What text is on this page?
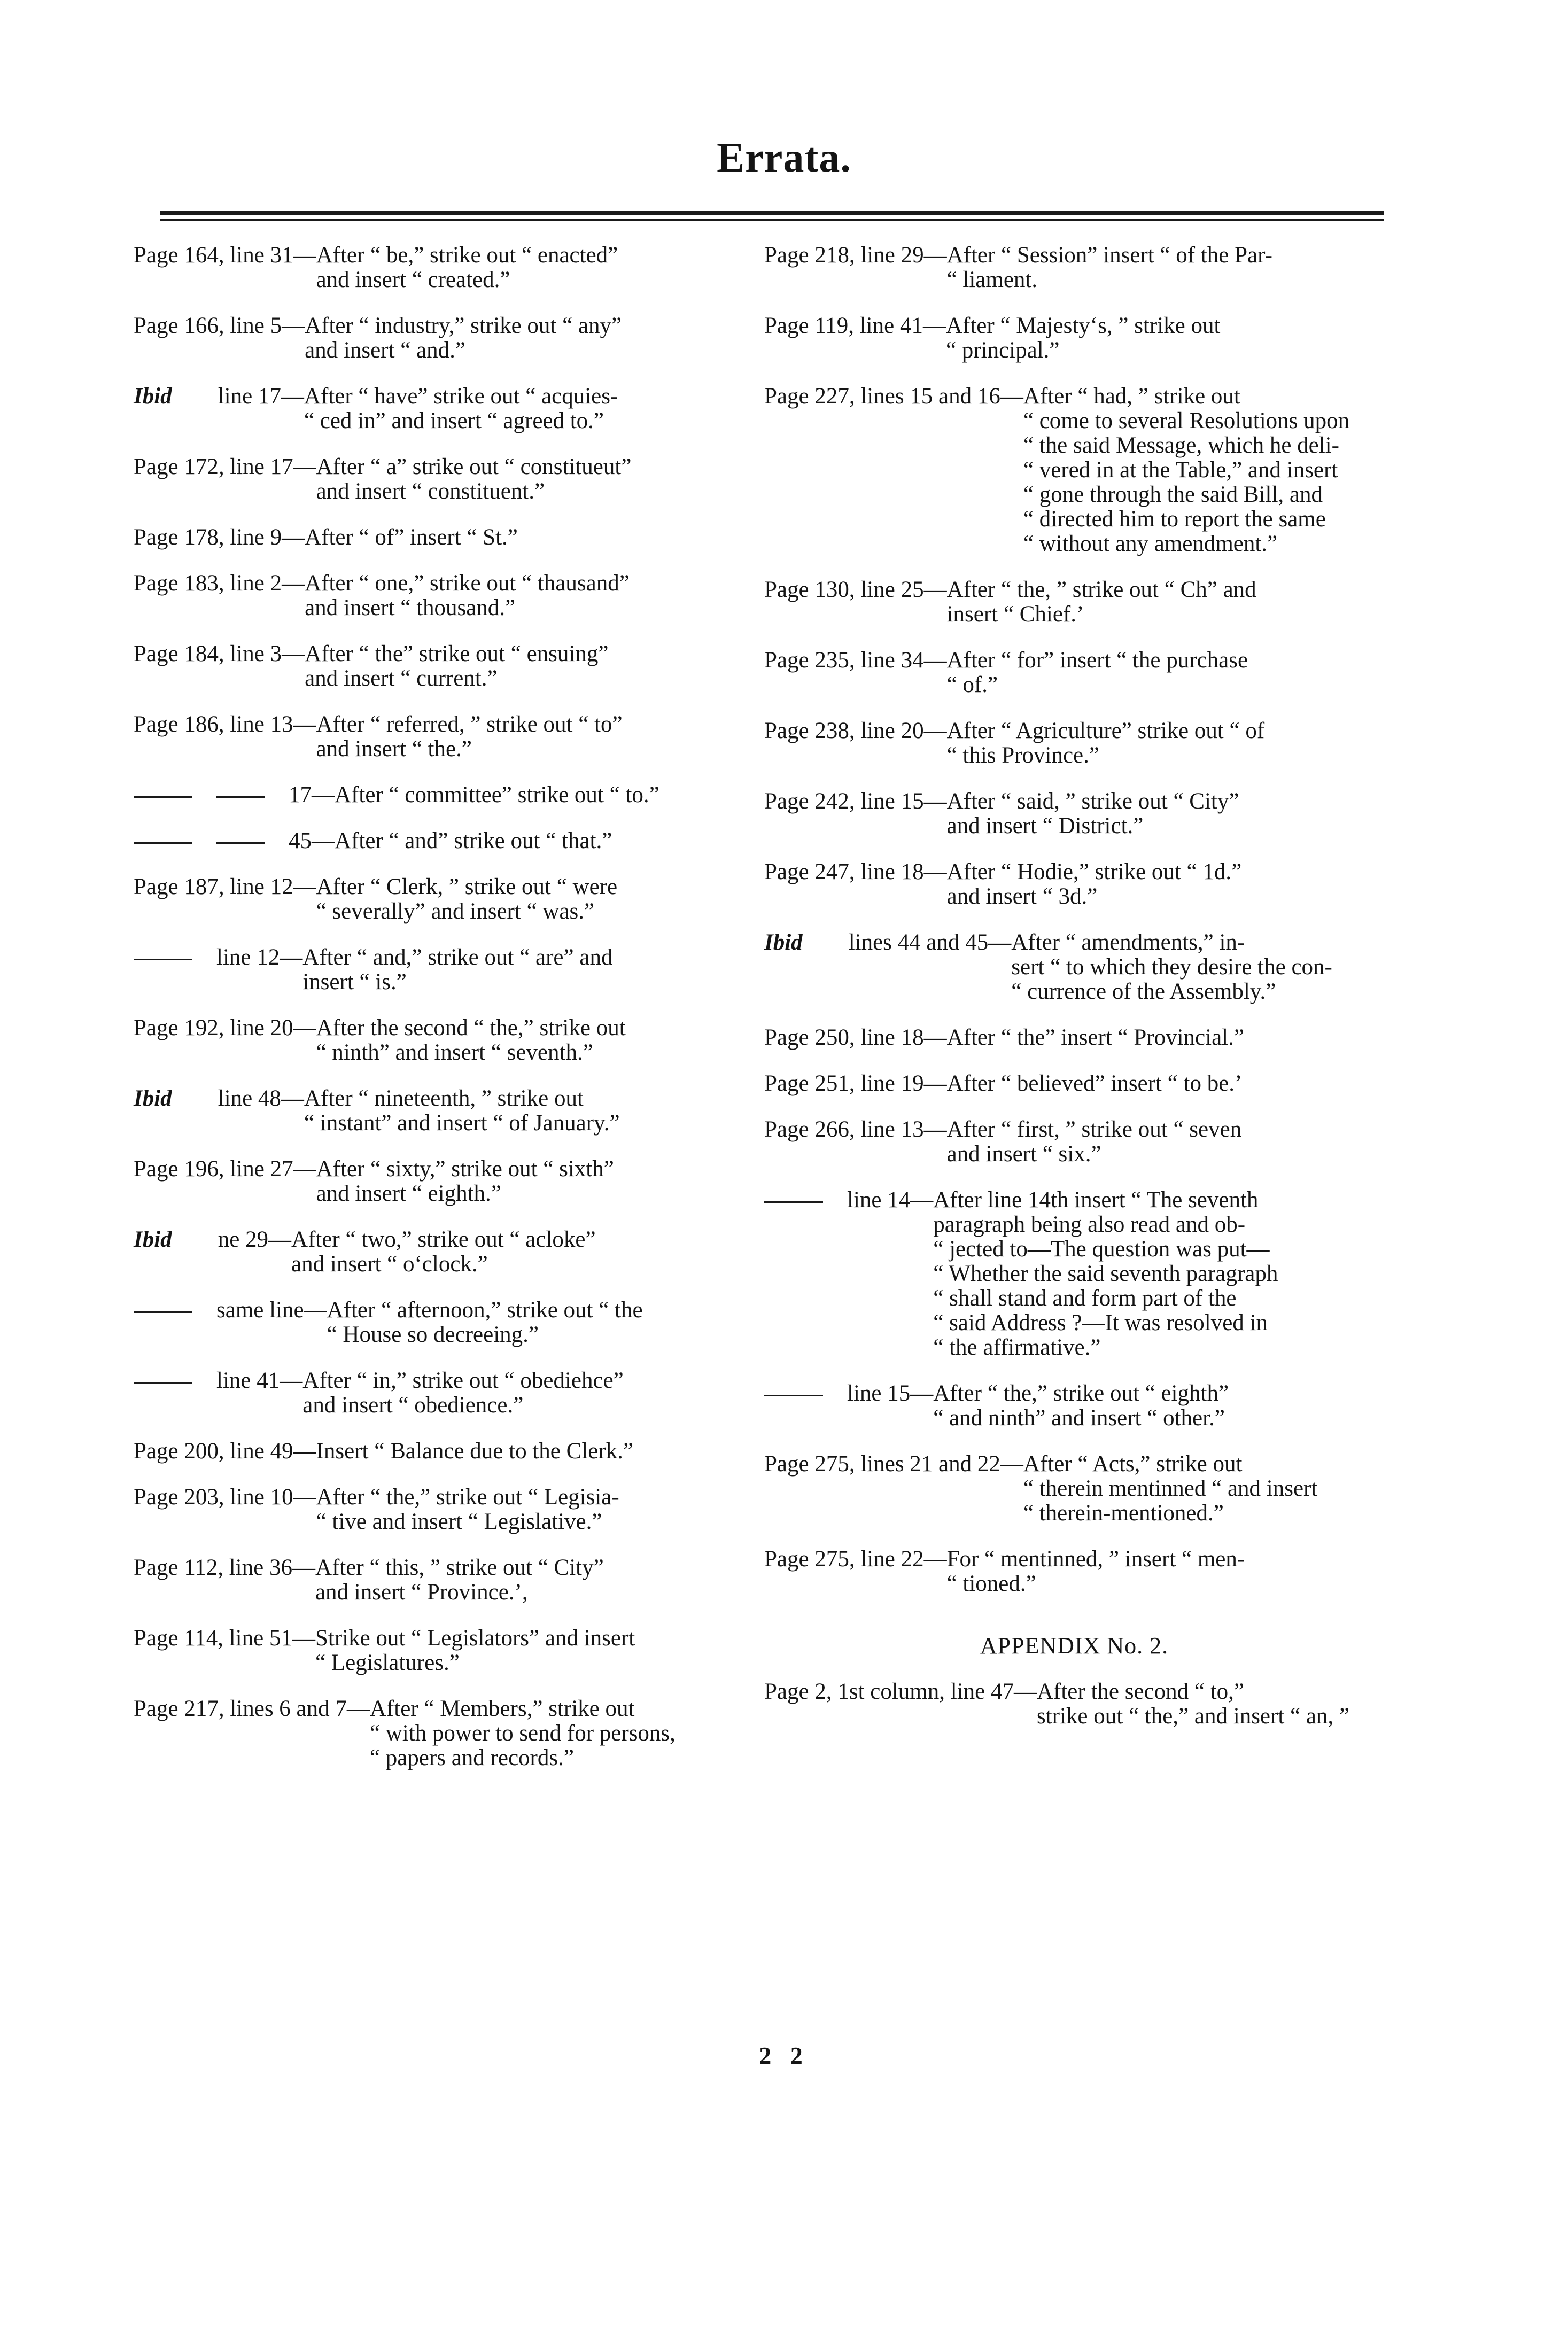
Errata.
Page 164, line 31— After “ be,” strike out “ enacted”
and insert “ created.”
Page 166, line 5— After “ industry,” strike out “ any”
and insert “ and.”
Ibid line 17— After “ have” strike out “ acquies-
“ ced in” and insert “ agreed to.”
Page 172, line 17— After “ a” strike out “ constitueut”
and insert “ constituent.”
Page 178, line 9— After “ of” insert “ St.”
Page 183, line 2— After “ one,” strike out “ thausand”
and insert “ thousand.”
Page 184, line 3— After “ the” strike out “ ensuing”
and insert “ current.”
Page 186, line 13— After “ referred, ” strike out “ to”
and insert “ the.”
17— After “ committee” strike out “ to.”
45— After “ and” strike out “ that.”
Page 187, line 12— After “ Clerk, ” strike out “ were
“ severally” and insert “ was.”
line 12— After “ and,” strike out “ are” and
insert “ is.”
Page 192, line 20— After the second “ the,” strike out
“ ninth” and insert “ seventh.”
Ibid line 48— After “ nineteenth, ” strike out
“ instant” and insert “ of January.”
Page 196, line 27— After “ sixty,” strike out “ sixth”
and insert “ eighth.”
Ibid ne 29— After “ two,” strike out “ acloke”
and insert “ o‘clock.”
same line— After “ afternoon,” strike out “ the
“ House so decreeing.”
line 41— After “ in,” strike out “ obediehce”
and insert “ obedience.”
Page 200, line 49— Insert “ Balance due to the Clerk.”
Page 203, line 10— After “ the,” strike out “ Legisia-
“ tive and insert “ Legislative.”
Page 112, line 36— After “ this, ” strike out “ City”
and insert “ Province.’,
Page 114, line 51— Strike out “ Legislators” and insert
“ Legislatures.”
Page 217, lines 6 and 7— After “ Members,” strike out
“ with power to send for persons,
“ papers and records.”
Page 218, line 29— After “ Session” insert “ of the Par-
“ liament.
Page 119, line 41— After “ Majesty‘s, ” strike out
“ principal.”
Page 227, lines 15 and 16— After “ had, ” strike out
“ come to several Resolutions upon
“ the said Message, which he deli-
“ vered in at the Table,” and insert
“ gone through the said Bill, and
“ directed him to report the same
“ without any amendment.”
Page 130, line 25— After “ the, ” strike out “ Ch” and
insert “ Chief.’
Page 235, line 34— After “ for” insert “ the purchase
“ of.”
Page 238, line 20— After “ Agriculture” strike out “ of
“ this Province.”
Page 242, line 15— After “ said, ” strike out “ City”
and insert “ District.”
Page 247, line 18— After “ Hodie,” strike out “ 1d.”
and insert “ 3d.”
Ibid lines 44 and 45— After “ amendments,” in-
sert “ to which they desire the con-
“ currence of the Assembly.”
Page 250, line 18— After “ the” insert “ Provincial.”
Page 251, line 19— After “ believed” insert “ to be.’
Page 266, line 13— After “ first, ” strike out “ seven
and insert “ six.”
line 14— After line 14th insert “ The seventh
paragraph being also read and ob-
“ jected to—The question was put—
“ Whether the said seventh paragraph
“ shall stand and form part of the
“ said Address ?—It was resolved in
“ the affirmative.”
line 15— After “ the,” strike out “ eighth”
“ and ninth” and insert “ other.”
Page 275, lines 21 and 22— After “ Acts,” strike out
“ therein mentinned “ and insert
“ therein-mentioned.”
Page 275, line 22— For “ mentinned, ” insert “ men-
“ tioned.”
APPENDIX No. 2.
Page 2, 1st column, line 47— After the second “ to,”
strike out “ the,” and insert “ an, ”
2 2
